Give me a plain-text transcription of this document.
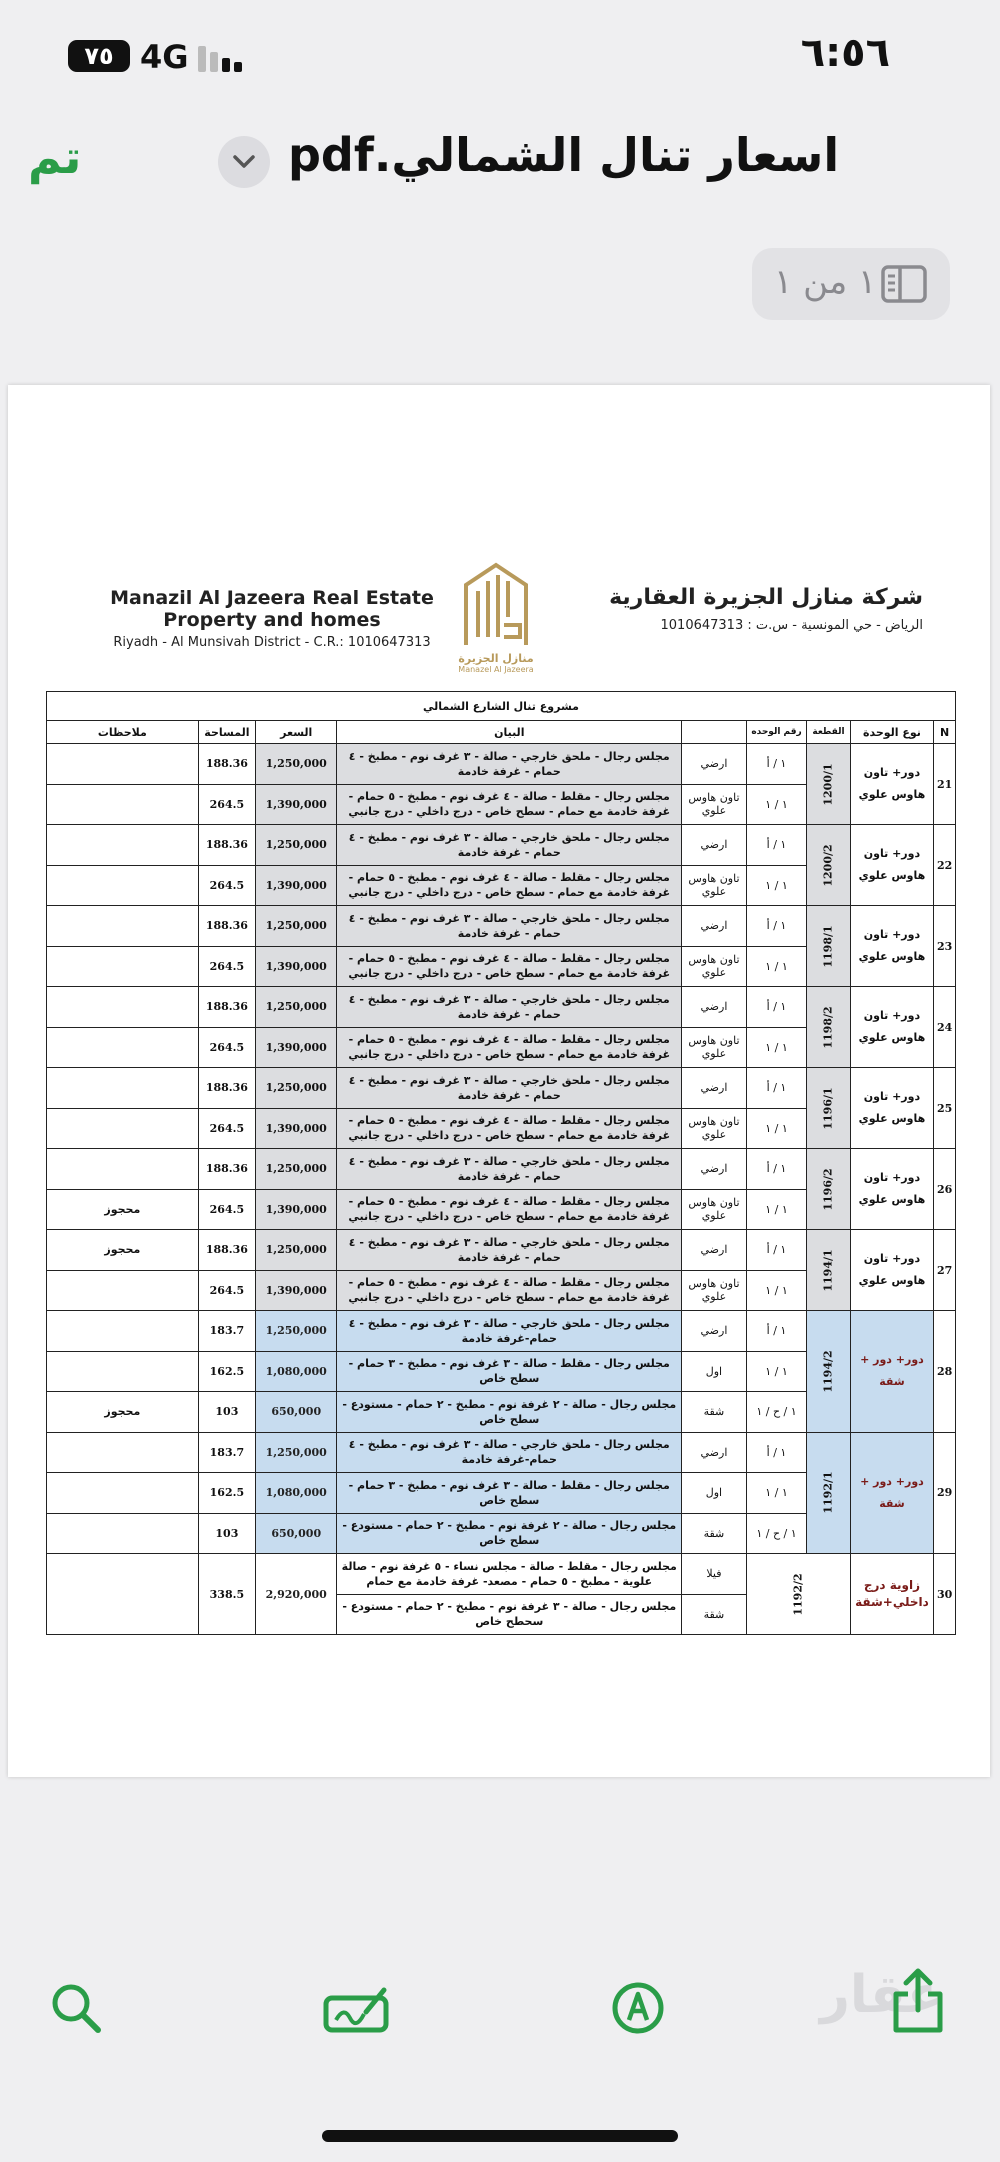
٧٥ 4G	٦:٥٦
تم	اسعار تنال الشمالي.pdf
١ من ١
Manazil Al Jazeera Real Estate
Property and homes
Riyadh - Al Munsivah District - C.R.: 1010647313
منازل الجزيرة
Manazel Al Jazeera
شركة منازل الجزيرة العقارية
الرياض - حي المونسية - س.ت : 1010647313
مشروع تنال الشارع الشمالي								
N	نوع الوحدة	القطعة	رقم الوحده		البيان	السعر	المساحة	ملاحظات
21	دور+ تاون هاوس علوي	1200/1	١ / أ	ارضي	مجلس رجال - ملحق خارجي - صالة - ٣ غرف نوم - مطبخ - ٤ حمام - غرفة خادمة	1,250,000	188.36	
			١ / ١	تاون هاوس علوي	مجلس رجال - مقلط - صالة - ٤ غرف نوم - مطبخ - ٥ حمام - غرفة خادمة مع حمام - سطح خاص - درج داخلي - درج جانبي	1,390,000	264.5	
22	دور+ تاون هاوس علوي	1200/2	١ / أ	ارضي	مجلس رجال - ملحق خارجي - صالة - ٣ غرف نوم - مطبخ - ٤ حمام - غرفة خادمة	1,250,000	188.36	
			١ / ١	تاون هاوس علوي	مجلس رجال - مقلط - صالة - ٤ غرف نوم - مطبخ - ٥ حمام - غرفة خادمة مع حمام - سطح خاص - درج داخلي - درج جانبي	1,390,000	264.5	
23	دور+ تاون هاوس علوي	1198/1	١ / أ	ارضي	مجلس رجال - ملحق خارجي - صالة - ٣ غرف نوم - مطبخ - ٤ حمام - غرفة خادمة	1,250,000	188.36	
			١ / ١	تاون هاوس علوي	مجلس رجال - مقلط - صالة - ٤ غرف نوم - مطبخ - ٥ حمام - غرفة خادمة مع حمام - سطح خاص - درج داخلي - درج جانبي	1,390,000	264.5	
24	دور+ تاون هاوس علوي	1198/2	١ / أ	ارضي	مجلس رجال - ملحق خارجي - صالة - ٣ غرف نوم - مطبخ - ٤ حمام - غرفة خادمة	1,250,000	188.36	
			١ / ١	تاون هاوس علوي	مجلس رجال - مقلط - صالة - ٤ غرف نوم - مطبخ - ٥ حمام - غرفة خادمة مع حمام - سطح خاص - درج داخلي - درج جانبي	1,390,000	264.5	
25	دور+ تاون هاوس علوي	1196/1	١ / أ	ارضي	مجلس رجال - ملحق خارجي - صالة - ٣ غرف نوم - مطبخ - ٤ حمام - غرفة خادمة	1,250,000	188.36	
			١ / ١	تاون هاوس علوي	مجلس رجال - مقلط - صالة - ٤ غرف نوم - مطبخ - ٥ حمام - غرفة خادمة مع حمام - سطح خاص - درج داخلي - درج جانبي	1,390,000	264.5	
26	دور+ تاون هاوس علوي	1196/2	١ / أ	ارضي	مجلس رجال - ملحق خارجي - صالة - ٣ غرف نوم - مطبخ - ٤ حمام - غرفة خادمة	1,250,000	188.36	
			١ / ١	تاون هاوس علوي	مجلس رجال - مقلط - صالة - ٤ غرف نوم - مطبخ - ٥ حمام - غرفة خادمة مع حمام - سطح خاص - درج داخلي - درج جانبي	1,390,000	264.5	محجوز
27	دور+ تاون هاوس علوي	1194/1	١ / أ	ارضي	مجلس رجال - ملحق خارجي - صالة - ٣ غرف نوم - مطبخ - ٤ حمام - غرفة خادمة	1,250,000	188.36	محجوز
			١ / ١	تاون هاوس علوي	مجلس رجال - مقلط - صالة - ٤ غرف نوم - مطبخ - ٥ حمام - غرفة خادمة مع حمام - سطح خاص - درج داخلي - درج جانبي	1,390,000	264.5	
28	دور+ دور + شقة	1194/2	١ / أ	ارضي	مجلس رجال - ملحق خارجي - صالة - ٣ غرف نوم - مطبخ - ٤ حمام-غرفة خادمة	1,250,000	183.7	
			١ / ١	اول	مجلس رجال - مقلط - صالة - ٣ غرف نوم - مطبخ - ٣ حمام - سطح خاص	1,080,000	162.5	
			١ / ح / ١	شقة	مجلس رجال - صالة - ٢ غرفة نوم - مطبخ - ٢ حمام - مستودع - سطح خاص	650,000	103	محجوز
29	دور+ دور + شقة	1192/1	١ / أ	ارضي	مجلس رجال - ملحق خارجي - صالة - ٣ غرف نوم - مطبخ - ٤ حمام-غرفة خادمة	1,250,000	183.7	
			١ / ١	اول	مجلس رجال - مقلط - صالة - ٣ غرف نوم - مطبخ - ٣ حمام - سطح خاص	1,080,000	162.5	
			١ / ح / ١	شقة	مجلس رجال - صالة - ٢ غرفة نوم - مطبخ - ٢ حمام - مستودع - سطح خاص	650,000	103	
30	زاوية درج داخلي+شقة	1192/2		فيلا	مجلس رجال - مقلط - صالة - مجلس نساء - ٥ غرفة نوم - صالة علوية - مطبخ - ٥ حمام - مصعد- غرفة خادمة مع حمام	2,920,000	338.5	
				شقة	مجلس رجال - صالة - ٣ غرفة نوم - مطبخ - ٢ حمام - مستودع - سحطح خاص			
عقار
